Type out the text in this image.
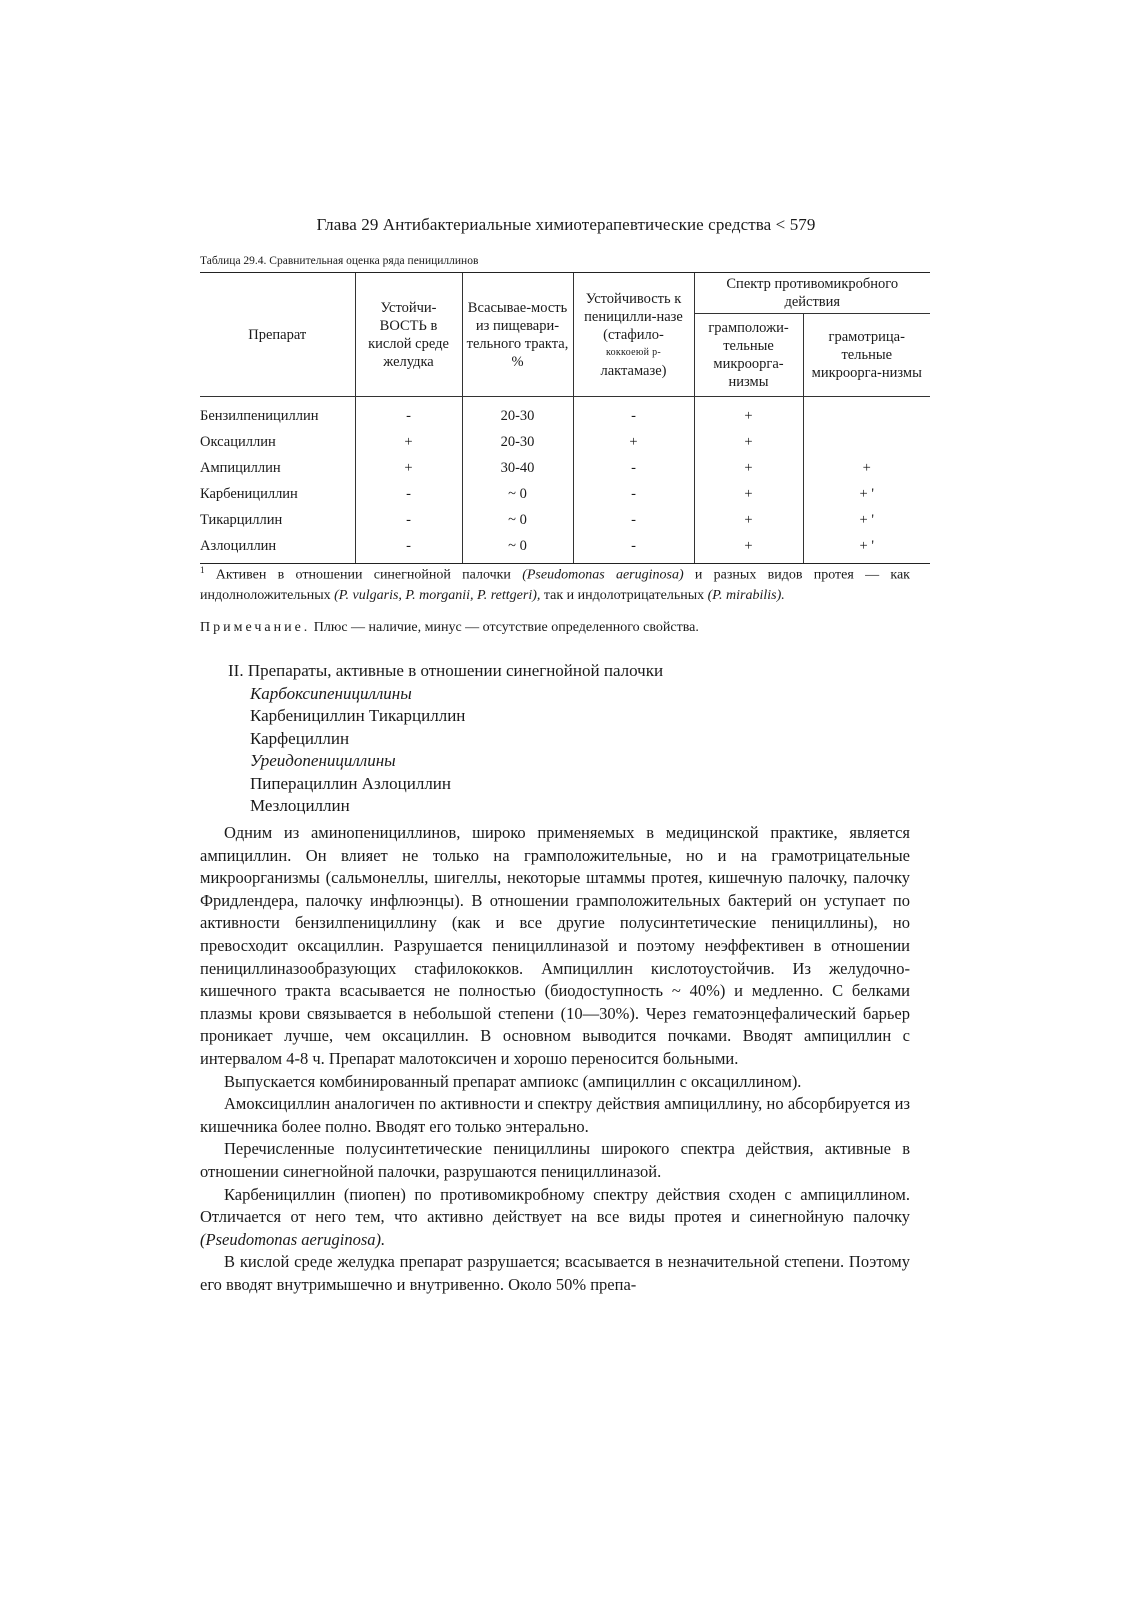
Глава 29 Антибактериальные химиотерапевтические средства < 579
Таблица 29.4. Сравнительная оценка ряда пенициллинов
Препарат	Устойчи-ВОСТЬ в кислой среде желудка	Всасывае-мость из пищевари-тельного тракта, %	Устойчивость к пеницилли-назе (стафило-
коккоеюй р-
лактамазе)	Спектр противомикробного действия	
				грамположи-тельные микроорга-низмы	грамотрица-тельные микроорга-низмы
Бензилпенициллин	-	20-30	-	+	
Оксациллин	+	20-30	+	+	
Ампициллин	+	30-40	-	+	+
Карбенициллин	-	~ 0	-	+	+ '
Тикарциллин	-	~ 0	-	+	+ '
Азлоциллин	-	~ 0	-	+	+ '
$^1$ Активен в отношении синегнойной палочки (Pseudomonas aeruginosa) и разных видов протея — как индолноложительных (P. vulgaris, P. morganii, P. rettgeri), так и индолотрицательных (P. mirabilis).
Примечание. Плюс — наличие, минус — отсутствие определенного свойства.
II. Препараты, активные в отношении синегнойной палочки
Карбоксипенициллины
Карбенициллин Тикарциллин
Карфециллин
Уреидопенициллины
Пиперациллин Азлоциллин
Мезлоциллин

Одним из аминопенициллинов, широко применяемых в медицинской практике, является ампициллин. Он влияет не только на грамположительные, но и на грамотрицательные микроорганизмы (сальмонеллы, шигеллы, некоторые штаммы протея, кишечную палочку, палочку Фридлендера, палочку инфлюэнцы). В отношении грамположительных бактерий он уступает по активности бензилпенициллину (как и все другие полусинтетические пенициллины), но превосходит оксациллин. Разрушается пенициллиназой и поэтому неэффективен в отношении пенициллиназообразующих стафилококков. Ампициллин кислотоустойчив. Из желудочно-кишечного тракта всасывается не полностью (биодоступность ~ 40%) и медленно. С белками плазмы крови связывается в небольшой степени (10—30%). Через гематоэнцефалический барьер проникает лучше, чем оксациллин. В основном выводится почками. Вводят ампициллин с интервалом 4-8 ч. Препарат малотоксичен и хорошо переносится больными.

Выпускается комбинированный препарат ампиокс (ампициллин с оксациллином).

Амоксициллин аналогичен по активности и спектру действия ампициллину, но абсорбируется из кишечника более полно. Вводят его только энтерально.

Перечисленные полусинтетические пенициллины широкого спектра действия, активные в отношении синегнойной палочки, разрушаются пенициллиназой.

Карбенициллин (пиопен) по противомикробному спектру действия сходен с ампициллином. Отличается от него тем, что активно действует на все виды протея и синегнойную палочку (Pseudomonas aeruginosa).

В кислой среде желудка препарат разрушается; всасывается в незначительной степени. Поэтому его вводят внутримышечно и внутривенно. Около 50% препа-
